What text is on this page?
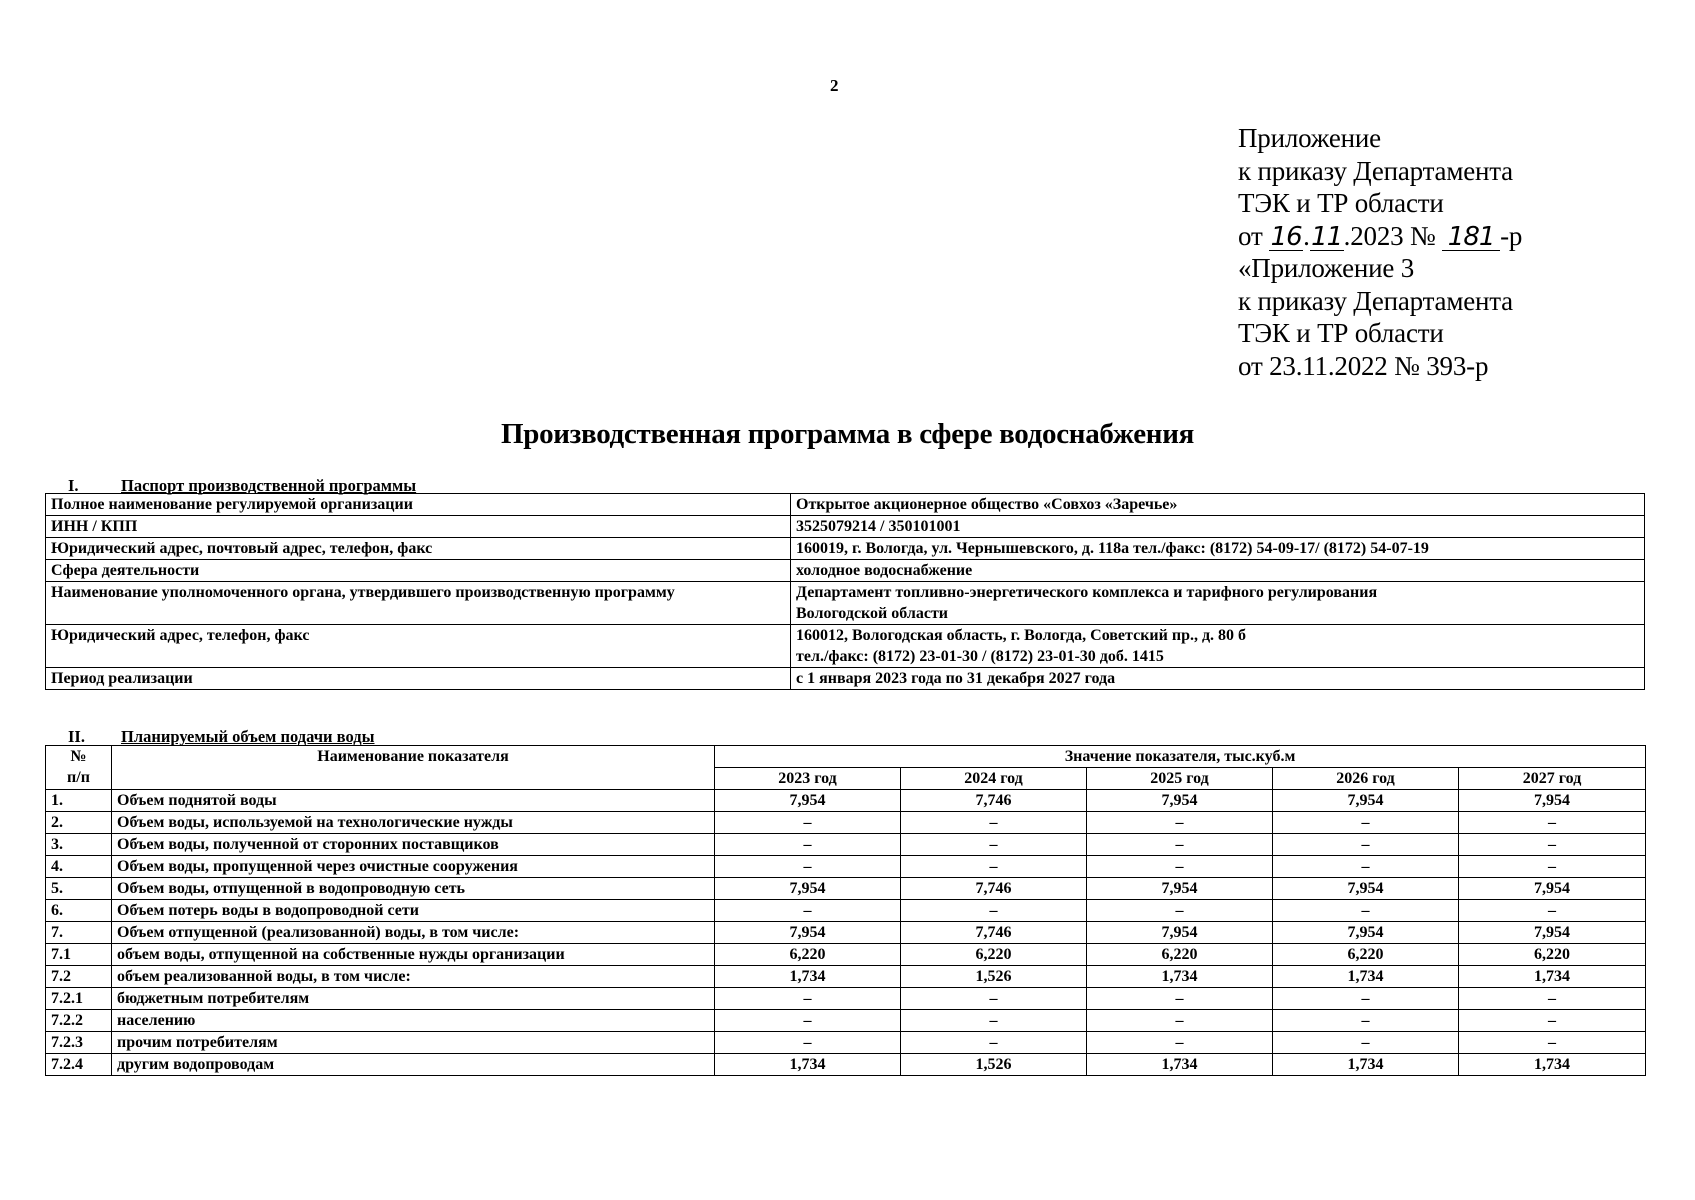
2
Приложение
к приказу Департамента
ТЭК и ТР области
от 16.11.2023 № 181 -р
«Приложение 3
к приказу Департамента
ТЭК и ТР области
от 23.11.2022 № 393-р
Производственная программа в сфере водоснабжения
I.	Паспорт производственной программы
Полное наименование регулируемой организации	Открытое акционерное общество «Совхоз «Заречье»
ИНН / КПП	3525079214 / 350101001
Юридический адрес, почтовый адрес, телефон, факс	160019, г. Вологда, ул. Чернышевского, д. 118а тел./факс: (8172) 54-09-17/ (8172) 54-07-19
Сфера деятельности	холодное водоснабжение
Наименование уполномоченного органа, утвердившего производственную программу	Департамент топливно-энергетического комплекса и тарифного регулирования
Вологодской области

Юридический адрес, телефон, факс	160012, Вологодская область, г. Вологда, Советский пр., д. 80 б
тел./факс: (8172) 23-01-30 / (8172) 23-01-30 доб. 1415

Период реализации	с 1 января 2023 года по 31 декабря 2027 года
II. Планируемый объем подачи воды
№
п/п	Наименование показателя	Значение показателя, тыс.куб.м				
		2023 год	2024 год	2025 год	2026 год	2027 год
1.	Объем поднятой воды	7,954	7,746	7,954	7,954	7,954
2.	Объем воды, используемой на технологические нужды	–	–	–	–	–
3.	Объем воды, полученной от сторонних поставщиков	–	–	–	–	–
4.	Объем воды, пропущенной через очистные сооружения	–	–	–	–	–
5.	Объем воды, отпущенной в водопроводную сеть	7,954	7,746	7,954	7,954	7,954
6.	Объем потерь воды в водопроводной сети	–	–	–	–	–
7.	Объем отпущенной (реализованной) воды, в том числе:	7,954	7,746	7,954	7,954	7,954
7.1	объем воды, отпущенной на собственные нужды организации	6,220	6,220	6,220	6,220	6,220
7.2	объем реализованной воды, в том числе:	1,734	1,526	1,734	1,734	1,734
7.2.1	бюджетным потребителям	–	–	–	–	–
7.2.2	населению	–	–	–	–	–
7.2.3	прочим потребителям	–	–	–	–	–
7.2.4	другим водопроводам	1,734	1,526	1,734	1,734	1,734
